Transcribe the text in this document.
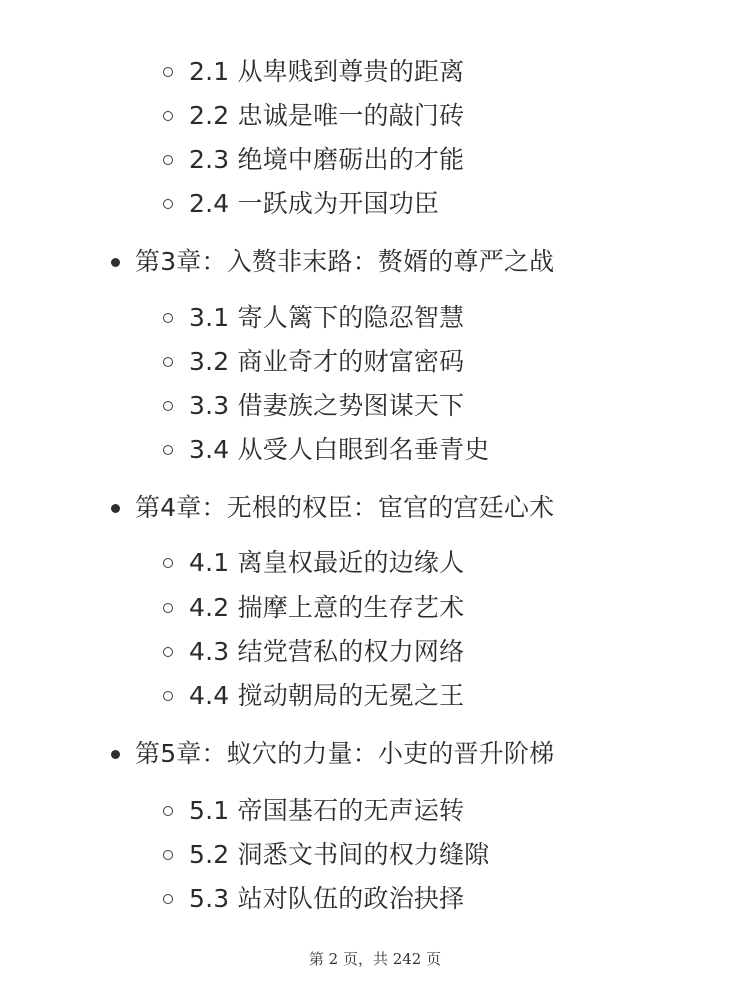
2.1 从卑贱到尊贵的距离
2.2 忠诚是唯一的敲门砖
2.3 绝境中磨砺出的才能
2.4 一跃成为开国功臣
第3章：入赘非末路：赘婿的尊严之战
3.1 寄人篱下的隐忍智慧
3.2 商业奇才的财富密码
3.3 借妻族之势图谋天下
3.4 从受人白眼到名垂青史
第4章：无根的权臣：宦官的宫廷心术
4.1 离皇权最近的边缘人
4.2 揣摩上意的生存艺术
4.3 结党营私的权力网络
4.4 搅动朝局的无冕之王
第5章：蚁穴的力量：小吏的晋升阶梯
5.1 帝国基石的无声运转
5.2 洞悉文书间的权力缝隙
5.3 站对队伍的政治抉择
第 2 页，共 242 页
